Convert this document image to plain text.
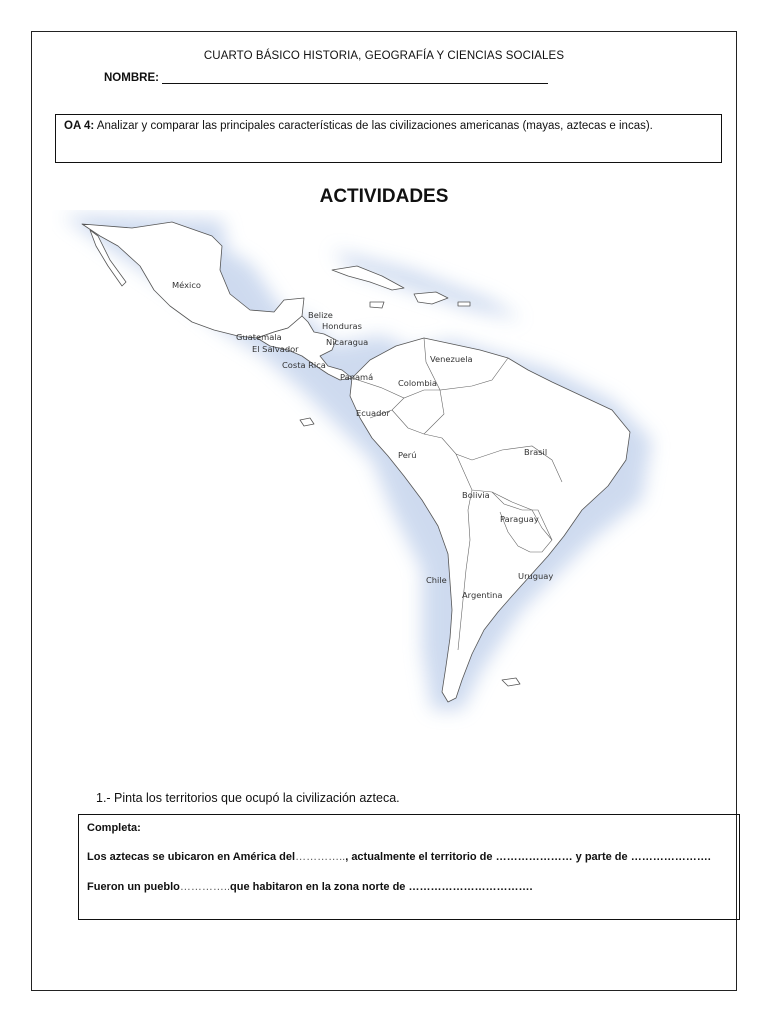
CUARTO BÁSICO HISTORIA, GEOGRAFÍA Y CIENCIAS SOCIALES
NOMBRE:
OA 4: Analizar y comparar las principales características de las civilizaciones americanas (mayas, aztecas e incas).
ACTIVIDADES
México
Belize
Honduras
Guatemala	Nicaragua
El Salvador
Costa Rica
Panamá
Venezuela
Colombia
Ecuador
Perú	Brasil
Bolivia
Paraguay
Chile	Uruguay
Argentina
1.- Pinta los territorios que ocupó la civilización azteca.
Completa:
Los aztecas se ubicaron en América del………….., actualmente el territorio de ………………… y parte de ………………….
Fueron un pueblo…………..que habitaron en la zona norte de …………………………….
